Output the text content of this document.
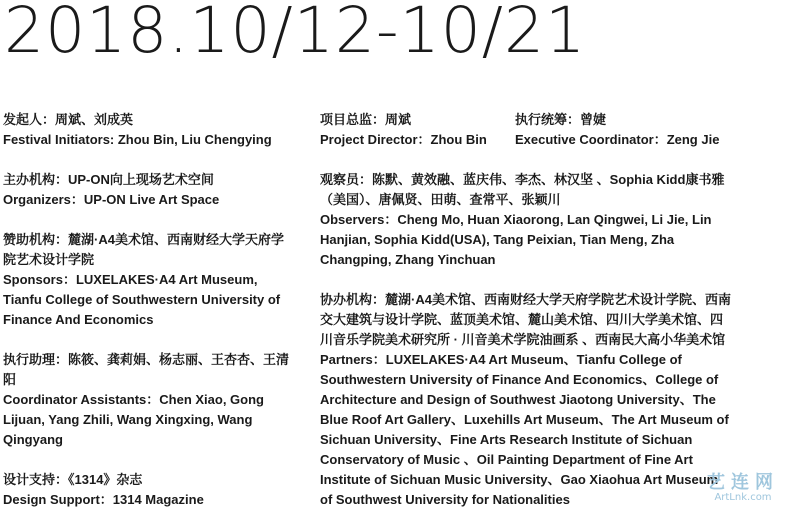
2018.10/12-10/21

发起人：周斌、刘成英

Festival Initiators: Zhou Bin, Liu Chengying

主办机构：UP-ON向上现场艺术空间

Organizers：UP-ON Live Art Space

赞助机构：麓湖·A4美术馆、西南财经大学天府学院艺术设计学院

Sponsors：LUXELAKES·A4 Art Museum, Tianfu College of Southwestern University of Finance And Economics

执行助理：陈筱、龚莉娟、杨志丽、王杏杏、王清阳

Coordinator Assistants：Chen Xiao, Gong Lijuan, Yang Zhili, Wang Xingxing, Wang Qingyang

设计支持：《1314》杂志

Design Support：1314 Magazine

项目总监：周斌

Project Director：Zhou Bin

观察员：陈默、黄效融、蓝庆伟、李杰、林汉坚 、Sophia Kidd康书雅（美国）、唐佩贤、田萌、查常平、张颖川

Observers：Cheng Mo, Huan Xiaorong, Lan Qingwei, Li Jie, Lin Hanjian, Sophia Kidd(USA), Tang Peixian, Tian Meng, Zha Changping, Zhang Yinchuan

协办机构：麓湖·A4美术馆、西南财经大学天府学院艺术设计学院、西南交大建筑与设计学院、蓝顶美术馆、麓山美术馆、四川大学美术馆、四川音乐学院美术研究所 · 川音美术学院油画系 、西南民大高小华美术馆

Partners：LUXELAKES·A4 Art Museum、Tianfu College of Southwestern University of Finance And Economics、College of Architecture and Design of Southwest Jiaotong University、The Blue Roof Art Gallery、Luxehills Art Museum、The Art Museum of Sichuan University、Fine Arts Research Institute of Sichuan Conservatory of Music 、Oil Painting Department of Fine Art Institute of Sichuan Music University、Gao Xiaohua Art Museum of Southwest University for Nationalities

执行统筹：曾婕

Executive Coordinator：Zeng Jie

艺连网
ArtLnk.com
